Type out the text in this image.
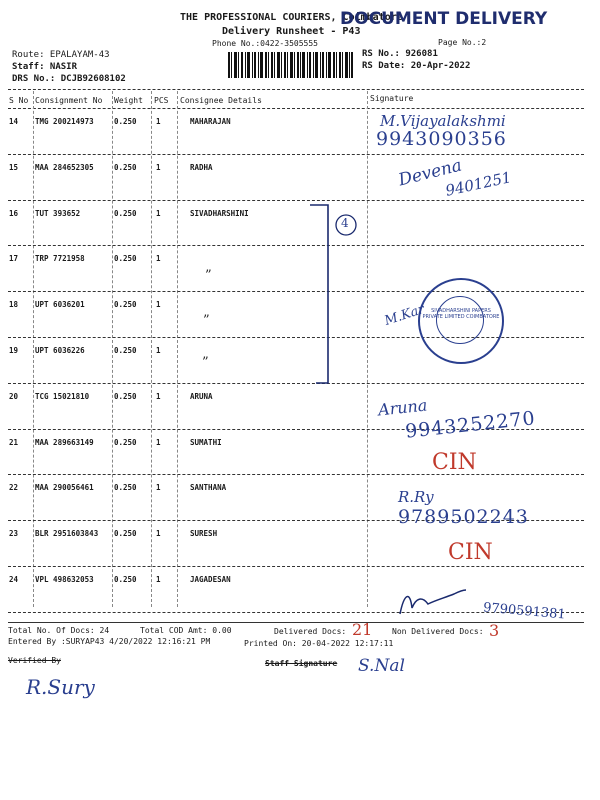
THE PROFESSIONAL COURIERS, Coimbatore
Delivery Runsheet - P43
DOCUMENT DELIVERY
Phone No.:0422-3505555	Page No.:2
Route: EPALAYAM-43
Staff: NASIR
DRS No.: DCJB92608102
RS No.: 926081
RS Date: 20-Apr-2022
S No Consignment No Weight PCS Consignee Details	Signature
14 TMG 200214973	0.250	1	MAHARAJAN
15 MAA 284652305	0.250	1	RADHA
16 TUT 393652	0.250	1	SIVADHARSHINI
17 TRP 7721958	0.250	1
18 UPT 6036201	0.250	1
19 UPT 6036226	0.250	1
20 TCG 15021810	0.250	1	ARUNA
21 MAA 289663149	0.250	1	SUMATHI
22 MAA 290056461	0.250	1	SANTHANA
23 BLR 2951603843 0.250	1	SURESH
24 VPL 498632053	0.250	1	JAGADESAN
M.Vijayalakshmi
9943090356
Devena
9401251
4
”
”
”
SIVADHARSHINI PAPERS PRIVATE LIMITED COIMBATORE
M.Kar
Aruna
9943252270
CIN
R.Ry
9789502243
CIN
9790591381
Total No. Of Docs: 24	Total COD Amt: 0.00	Delivered Docs: 21 Non Delivered Docs: 3
Entered By :SURYAP43 4/20/2022 12:16:21 PM	Printed On: 20-04-2022 12:17:11
Verified By	Staff Signature S.Nal
R.Sury
